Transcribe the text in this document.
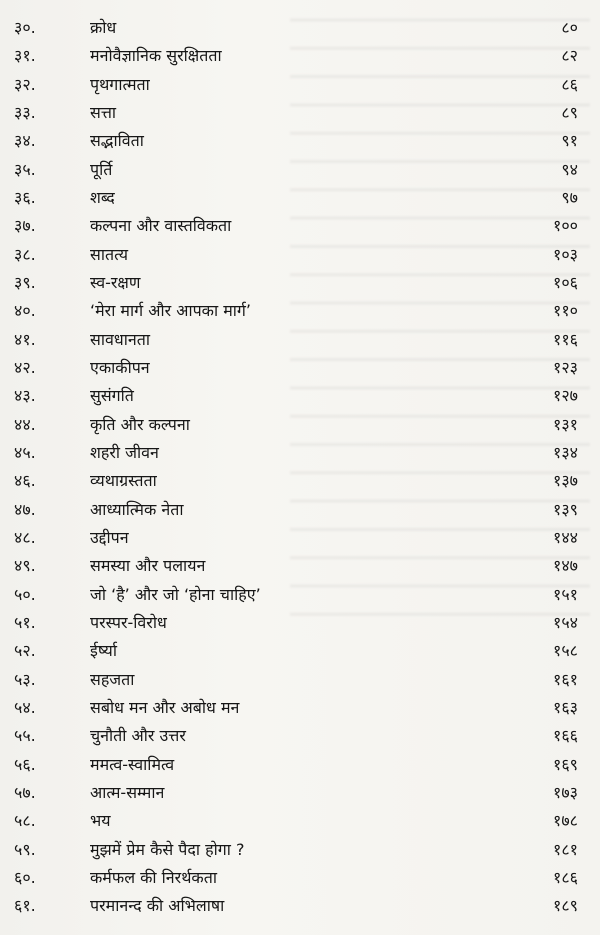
३०.	क्रोध	८०
३१.	मनोवैज्ञानिक सुरक्षितता	८२
३२.	पृथगात्मता	८६
३३.	सत्ता	८९
३४.	सद्भाविता	९१
३५.	पूर्ति	९४
३६.	शब्द	९७
३७.	कल्पना और वास्तविकता	१००
३८.	सातत्य	१०३
३९.	स्व-रक्षण	१०६
४०.	‘मेरा मार्ग और आपका मार्ग’	११०
४१.	सावधानता	११६
४२.	एकाकीपन	१२३
४३.	सुसंगति	१२७
४४.	कृति और कल्पना	१३१
४५.	शहरी जीवन	१३४
४६.	व्यथाग्रस्तता	१३७
४७.	आध्यात्मिक नेता	१३९
४८.	उद्दीपन	१४४
४९.	समस्या और पलायन	१४७
५०.	जो ‘है’ और जो ‘होना चाहिए’	१५१
५१.	परस्पर-विरोध	१५४
५२.	ईर्ष्या	१५८
५३.	सहजता	१६१
५४.	सबोध मन और अबोध मन	१६३
५५.	चुनौती और उत्तर	१६६
५६.	ममत्व-स्वामित्व	१६९
५७.	आत्म-सम्मान	१७३
५८.	भय	१७८
५९.	मुझमें प्रेम कैसे पैदा होगा ?	१८१
६०.	कर्मफल की निरर्थकता	१८६
६१.	परमानन्द की अभिलाषा	१८९
